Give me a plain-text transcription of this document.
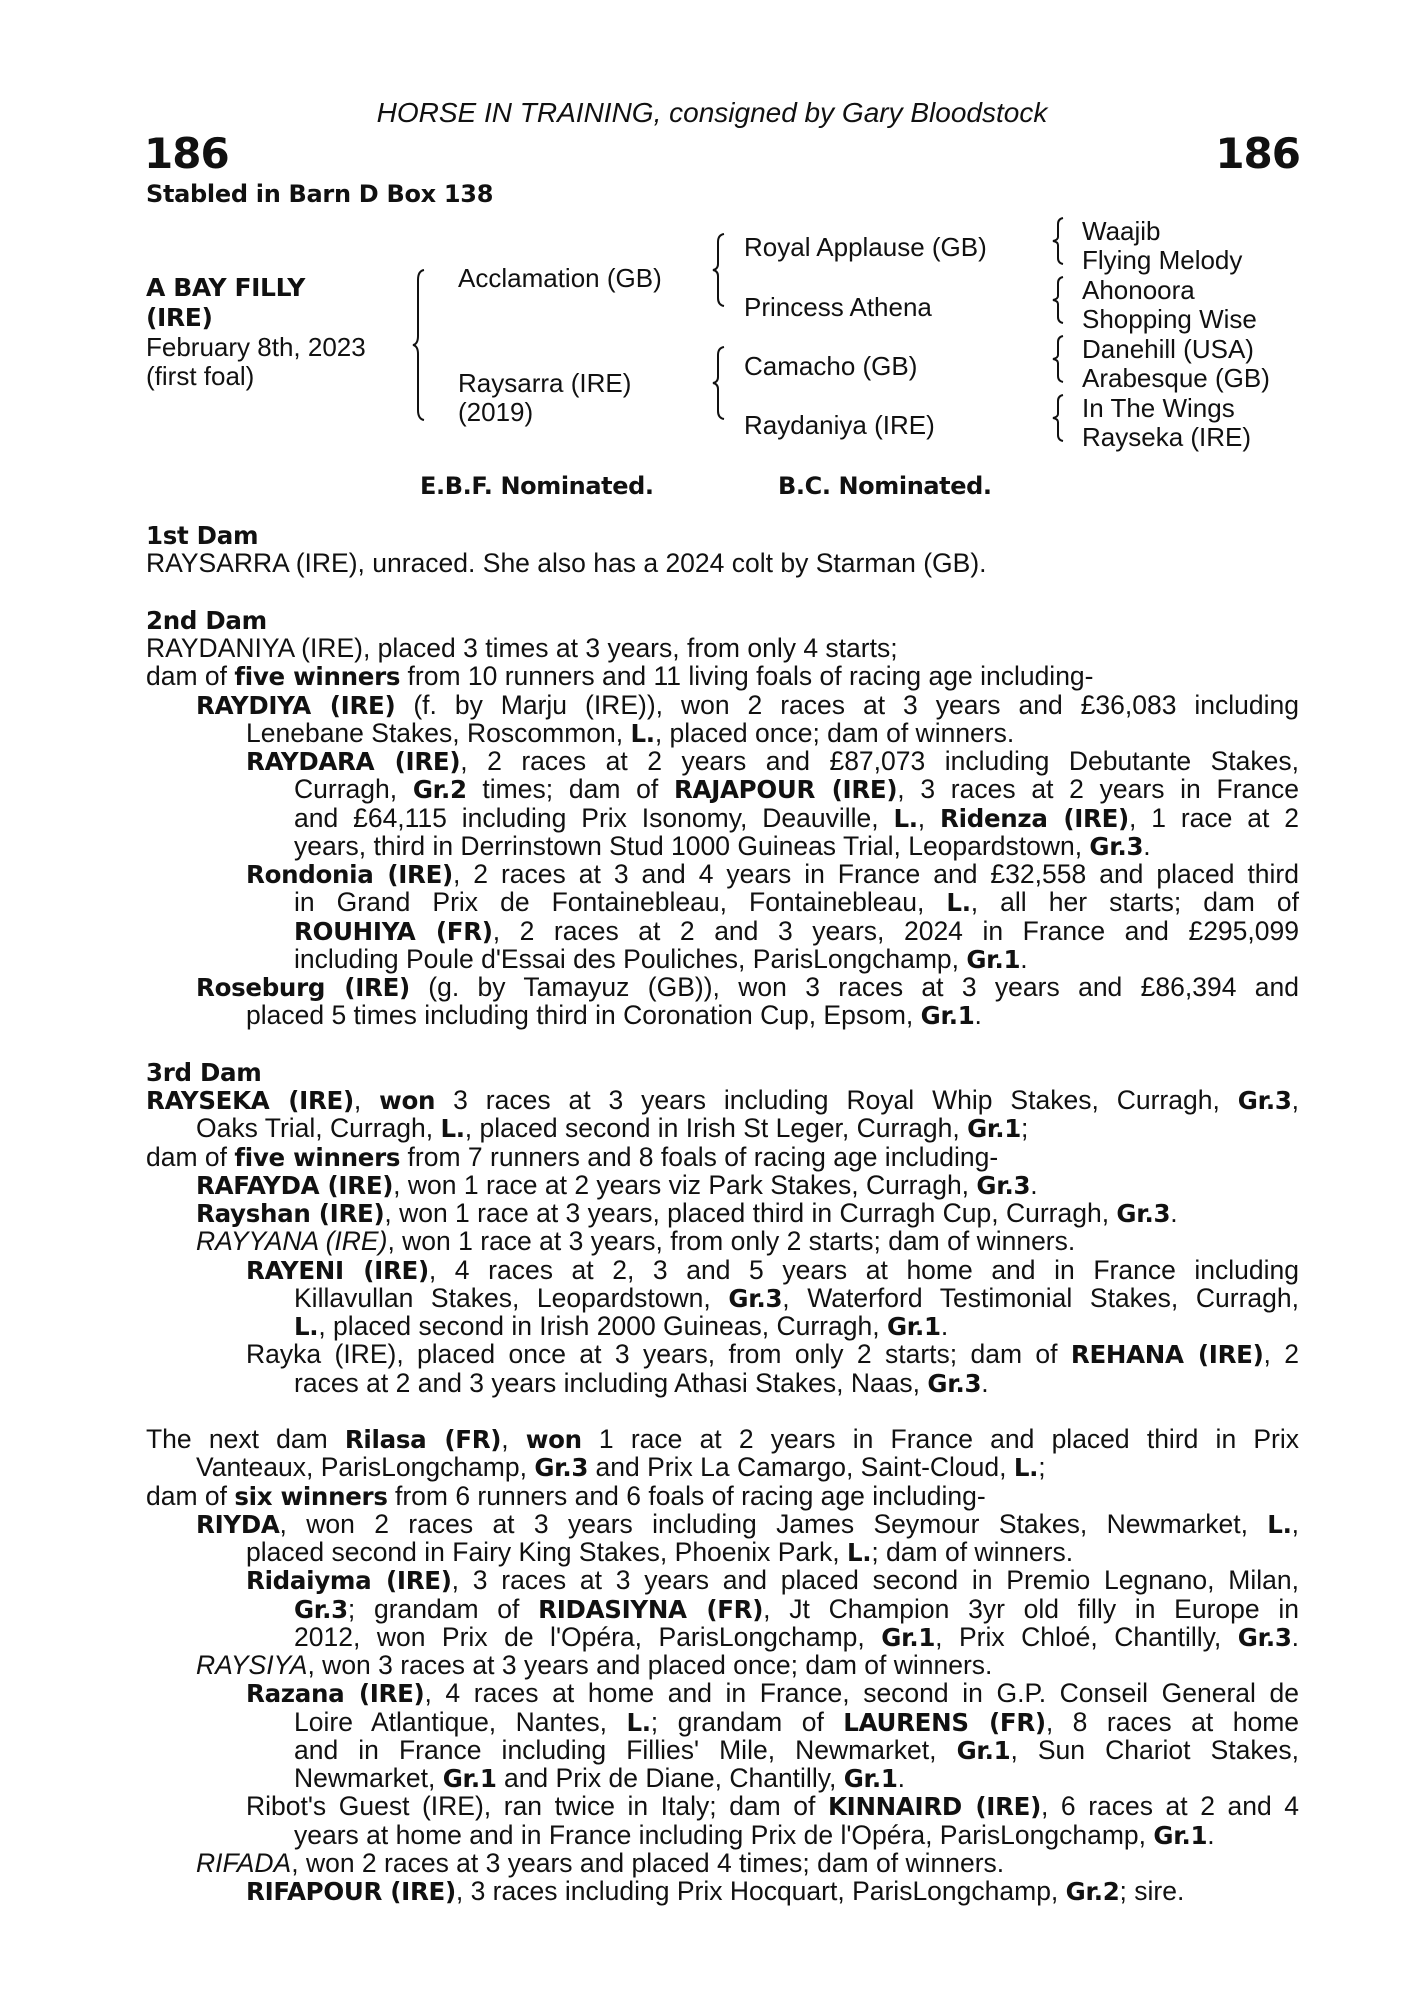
HORSE IN TRAINING, consigned by Gary Bloodstock
186	186
Stabled in Barn D Box 138
A BAY FILLY
(IRE)
February 8th, 2023
(first foal)
Acclamation (GB)
Raysarra (IRE)
(2019)
Royal Applause (GB)
Princess Athena
Camacho (GB)
Raydaniya (IRE)
Waajib
Flying Melody
Ahonoora
Shopping Wise
Danehill (USA)
Arabesque (GB)
In The Wings
Rayseka (IRE)
E.B.F. Nominated.	B.C. Nominated.
1st Dam
RAYSARRA (IRE), unraced. She also has a 2024 colt by Starman (GB).
2nd Dam
RAYDANIYA (IRE), placed 3 times at 3 years, from only 4 starts;
dam of five winners from 10 runners and 11 living foals of racing age including-
RAYDIYA (IRE) (f. by Marju (IRE)), won 2 races at 3 years and £36,083 including
Lenebane Stakes, Roscommon, L., placed once; dam of winners.
RAYDARA (IRE), 2 races at 2 years and £87,073 including Debutante Stakes,
Curragh, Gr.2 times; dam of RAJAPOUR (IRE), 3 races at 2 years in France
and £64,115 including Prix Isonomy, Deauville, L., Ridenza (IRE), 1 race at 2
years, third in Derrinstown Stud 1000 Guineas Trial, Leopardstown, Gr.3.
Rondonia (IRE), 2 races at 3 and 4 years in France and £32,558 and placed third
in Grand Prix de Fontainebleau, Fontainebleau, L., all her starts; dam of
ROUHIYA (FR), 2 races at 2 and 3 years, 2024 in France and £295,099
including Poule d'Essai des Pouliches, ParisLongchamp, Gr.1.
Roseburg (IRE) (g. by Tamayuz (GB)), won 3 races at 3 years and £86,394 and
placed 5 times including third in Coronation Cup, Epsom, Gr.1.
3rd Dam
RAYSEKA (IRE), won 3 races at 3 years including Royal Whip Stakes, Curragh, Gr.3,
Oaks Trial, Curragh, L., placed second in Irish St Leger, Curragh, Gr.1;
dam of five winners from 7 runners and 8 foals of racing age including-
RAFAYDA (IRE), won 1 race at 2 years viz Park Stakes, Curragh, Gr.3.
Rayshan (IRE), won 1 race at 3 years, placed third in Curragh Cup, Curragh, Gr.3.
RAYYANA (IRE), won 1 race at 3 years, from only 2 starts; dam of winners.
RAYENI (IRE), 4 races at 2, 3 and 5 years at home and in France including
Killavullan Stakes, Leopardstown, Gr.3, Waterford Testimonial Stakes, Curragh,
L., placed second in Irish 2000 Guineas, Curragh, Gr.1.
Rayka (IRE), placed once at 3 years, from only 2 starts; dam of REHANA (IRE), 2
races at 2 and 3 years including Athasi Stakes, Naas, Gr.3.
The next dam Rilasa (FR), won 1 race at 2 years in France and placed third in Prix
Vanteaux, ParisLongchamp, Gr.3 and Prix La Camargo, Saint-Cloud, L.;
dam of six winners from 6 runners and 6 foals of racing age including-
RIYDA, won 2 races at 3 years including James Seymour Stakes, Newmarket, L.,
placed second in Fairy King Stakes, Phoenix Park, L.; dam of winners.
Ridaiyma (IRE), 3 races at 3 years and placed second in Premio Legnano, Milan,
Gr.3; grandam of RIDASIYNA (FR), Jt Champion 3yr old filly in Europe in
2012, won Prix de l'Opéra, ParisLongchamp, Gr.1, Prix Chloé, Chantilly, Gr.3.
RAYSIYA, won 3 races at 3 years and placed once; dam of winners.
Razana (IRE), 4 races at home and in France, second in G.P. Conseil General de
Loire Atlantique, Nantes, L.; grandam of LAURENS (FR), 8 races at home
and in France including Fillies' Mile, Newmarket, Gr.1, Sun Chariot Stakes,
Newmarket, Gr.1 and Prix de Diane, Chantilly, Gr.1.
Ribot's Guest (IRE), ran twice in Italy; dam of KINNAIRD (IRE), 6 races at 2 and 4
years at home and in France including Prix de l'Opéra, ParisLongchamp, Gr.1.
RIFADA, won 2 races at 3 years and placed 4 times; dam of winners.
RIFAPOUR (IRE), 3 races including Prix Hocquart, ParisLongchamp, Gr.2; sire.
